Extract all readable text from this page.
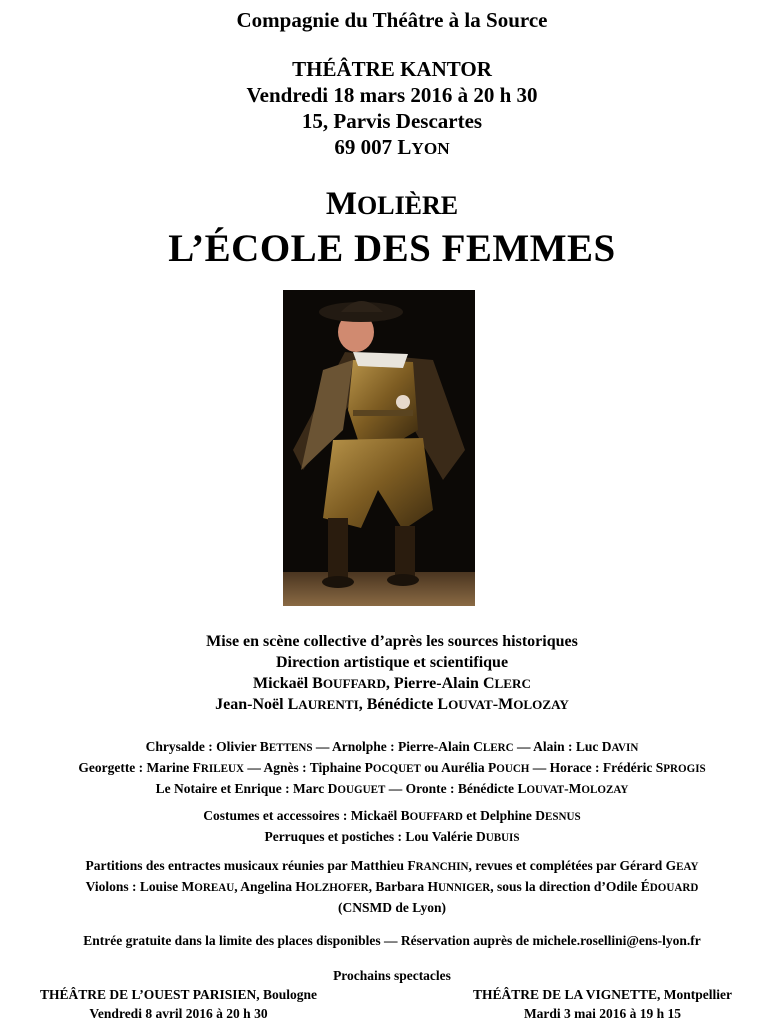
Compagnie du Théâtre à la Source
THÉÂTRE KANTOR
Vendredi 18 mars 2016 à 20 h 30
15, Parvis Descartes
69 007 LYON
MOLIÈRE
L’ÉCOLE DES FEMMES
Mise en scène collective d’après les sources historiques
Direction artistique et scientifique
Mickaël BOUFFARD, Pierre-Alain CLERC
Jean-Noël LAURENTI, Bénédicte LOUVAT-MOLOZAY
Chrysalde : Olivier BETTENS — Arnolphe : Pierre-Alain CLERC — Alain : Luc DAVIN
Georgette : Marine FRILEUX — Agnès : Tiphaine POCQUET ou Aurélia POUCH — Horace : Frédéric SPROGIS
Le Notaire et Enrique : Marc DOUGUET — Oronte : Bénédicte LOUVAT-MOLOZAY
Costumes et accessoires : Mickaël BOUFFARD et Delphine DESNUS
Perruques et postiches : Lou Valérie DUBUIS
Partitions des entractes musicaux réunies par Matthieu FRANCHIN, revues et complétées par Gérard GEAY
Violons : Louise MOREAU, Angelina HOLZHOFER, Barbara HUNNIGER, sous la direction d’Odile ÉDOUARD
(CNSMD de Lyon)
Entrée gratuite dans la limite des places disponibles — Réservation auprès de michele.rosellini@ens-lyon.fr
Prochains spectacles
THÉÂTRE DE L’OUEST PARISIEN, Boulogne
Vendredi 8 avril 2016 à 20 h 30
THÉÂTRE DE LA VIGNETTE, Montpellier
Mardi 3 mai 2016 à 19 h 15
